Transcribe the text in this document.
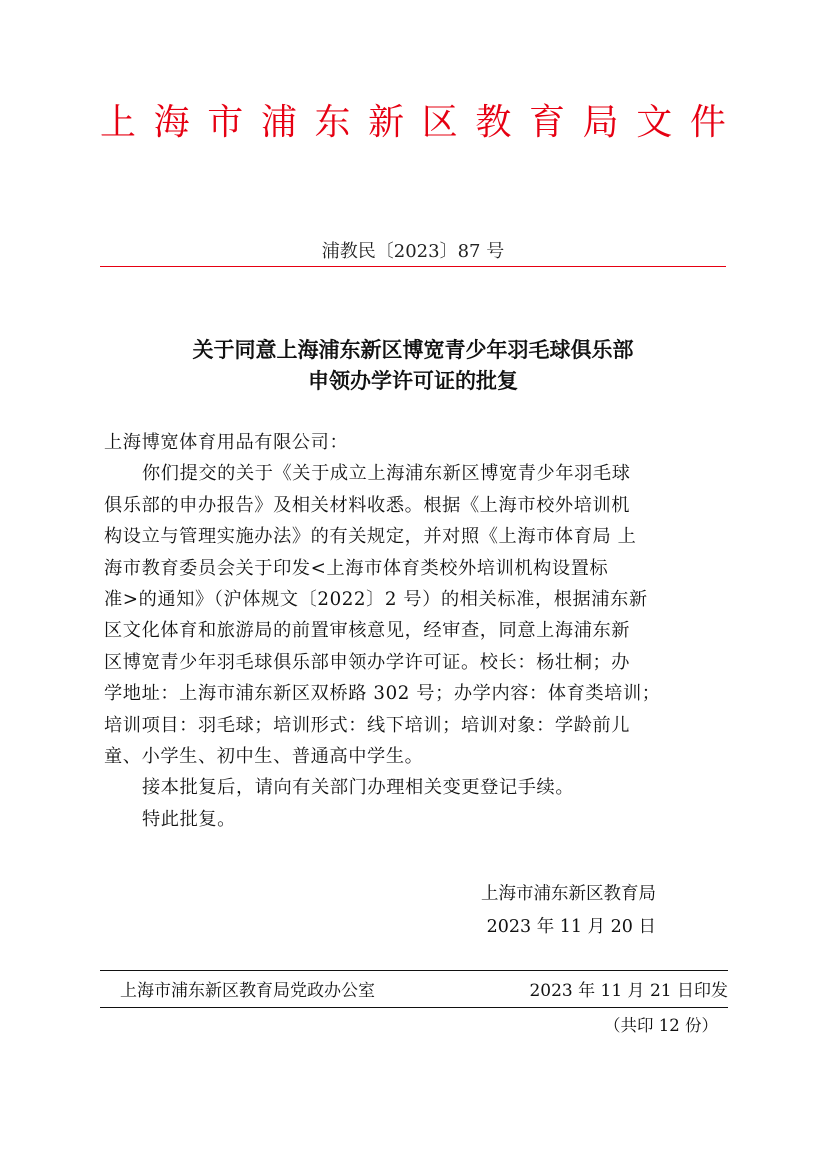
上 海 市 浦 东 新 区 教 育 局 文 件
浦教民〔2023〕87 号
关于同意上海浦东新区博宽青少年羽毛球俱乐部
申领办学许可证的批复

上海博宽体育用品有限公司：

你们提交的关于《关于成立上海浦东新区博宽青少年羽毛球

俱乐部的申办报告》及相关材料收悉。根据《上海市校外培训机

构设立与管理实施办法》的有关规定，并对照《上海市体育局 上

海市教育委员会关于印发<上海市体育类校外培训机构设置标

准>的通知》（沪体规文〔2022〕2 号）的相关标准，根据浦东新

区文化体育和旅游局的前置审核意见，经审查，同意上海浦东新

区博宽青少年羽毛球俱乐部申领办学许可证。校长：杨壮桐；办

学地址：上海市浦东新区双桥路 302 号；办学内容：体育类培训；

培训项目：羽毛球；培训形式：线下培训；培训对象：学龄前儿

童、小学生、初中生、普通高中学生。

接本批复后，请向有关部门办理相关变更登记手续。

特此批复。

上海市浦东新区教育局
2023 年 11 月 20 日
上海市浦东新区教育局党政办公室	2023 年 11 月 21 日印发
（共印 12 份）
